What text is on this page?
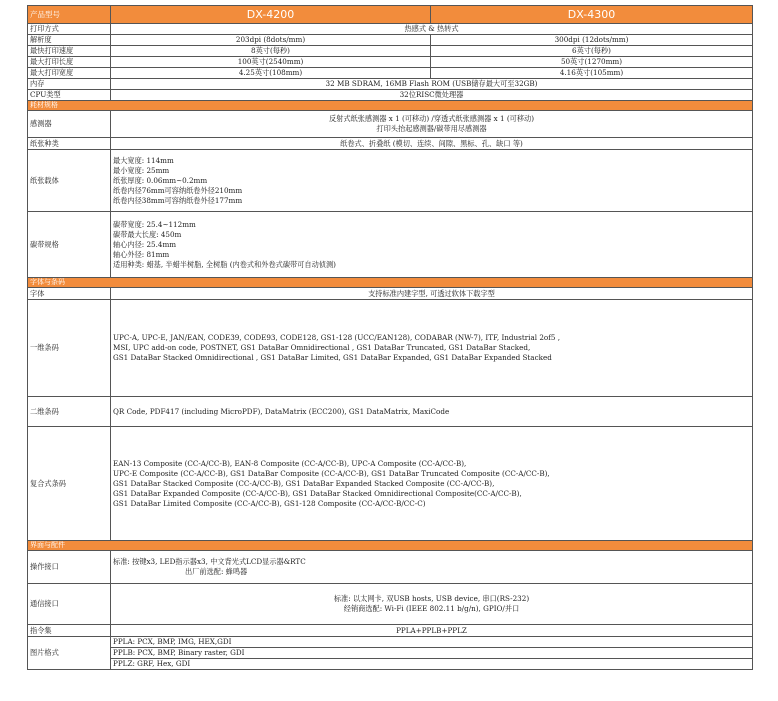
产品型号	DX-4200	DX-4300
打印方式	热感式 & 热转式	
解析度	203dpi (8dots/mm)	300dpi (12dots/mm)
最快打印速度	8英寸(每秒)	6英寸(每秒)
最大打印长度	100英寸(2540mm)	50英寸(1270mm)
最大打印宽度	4.25英寸(108mm)	4.16英寸(105mm)
内存	32 MB SDRAM, 16MB Flash ROM (USB储存最大可至32GB)	
CPU类型	32位RISC微处理器	
耗材规格		
感测器	反射式纸张感测器 x 1 (可移动) /穿透式纸张感测器 x 1 (可移动)
打印头抬起感测器/碳带用尽感测器	

纸张种类	纸卷式、折叠纸 (模切、连续、间隙、黑标、孔、缺口 等)	
纸张载体	最大宽度: 114mm
最小宽度: 25mm
纸张厚度: 0.06mm~0.2mm
纸卷内径76mm可容纳纸卷外径210mm
纸卷内径38mm可容纳纸卷外径177mm	

碳带规格	碳带宽度: 25.4~112mm
碳带最大长度: 450m
轴心内径: 25.4mm
轴心外径: 81mm
适用种类: 蜡基, 半蜡半树脂, 全树脂 (内卷式和外卷式碳带可自动侦测)	

字体与条码		
字体	支持标准内建字型, 可透过软体下载字型	
一维条码	UPC-A, UPC-E, JAN/EAN, CODE39, CODE93, CODE128, GS1-128 (UCC/EAN128), CODABAR (NW-7), ITF, Industrial 2of5 ,
MSI, UPC add-on code, POSTNET, GS1 DataBar Omnidirectional , GS1 DataBar Truncated, GS1 DataBar Stacked,
GS1 DataBar Stacked Omnidirectional , GS1 DataBar Limited, GS1 DataBar Expanded, GS1 DataBar Expanded Stacked	

二维条码	QR Code, PDF417 (including MicroPDF), DataMatrix (ECC200), GS1 DataMatrix, MaxiCode	
复合式条码	EAN-13 Composite (CC-A/CC-B), EAN-8 Composite (CC-A/CC-B), UPC-A Composite (CC-A/CC-B),
UPC-E Composite (CC-A/CC-B), GS1 DataBar Composite (CC-A/CC-B), GS1 DataBar Truncated Composite (CC-A/CC-B),
GS1 DataBar Stacked Composite (CC-A/CC-B), GS1 DataBar Expanded Stacked Composite (CC-A/CC-B),
GS1 DataBar Expanded Composite (CC-A/CC-B), GS1 DataBar Stacked Omnidirectional Composite(CC-A/CC-B),
GS1 DataBar Limited Composite (CC-A/CC-B), GS1-128 Composite (CC-A/CC-B/CC-C)	

界面与配件		
操作接口	标准: 按键x3, LED指示器x3, 中文背光式LCD显示器&RTC
出厂前选配: 蜂鸣器	

通信接口	标准: 以太网卡, 双USB hosts, USB device, 串口(RS-232)
经销商选配: Wi-Fi (IEEE 802.11 b/g/n), GPIO/并口	

指令集	PPLA+PPLB+PPLZ	
图片格式	PPLA: PCX, BMP, IMG, HEX,GDI	
	PPLB: PCX, BMP, Binary raster, GDI	
	PPLZ: GRF, Hex, GDI	
